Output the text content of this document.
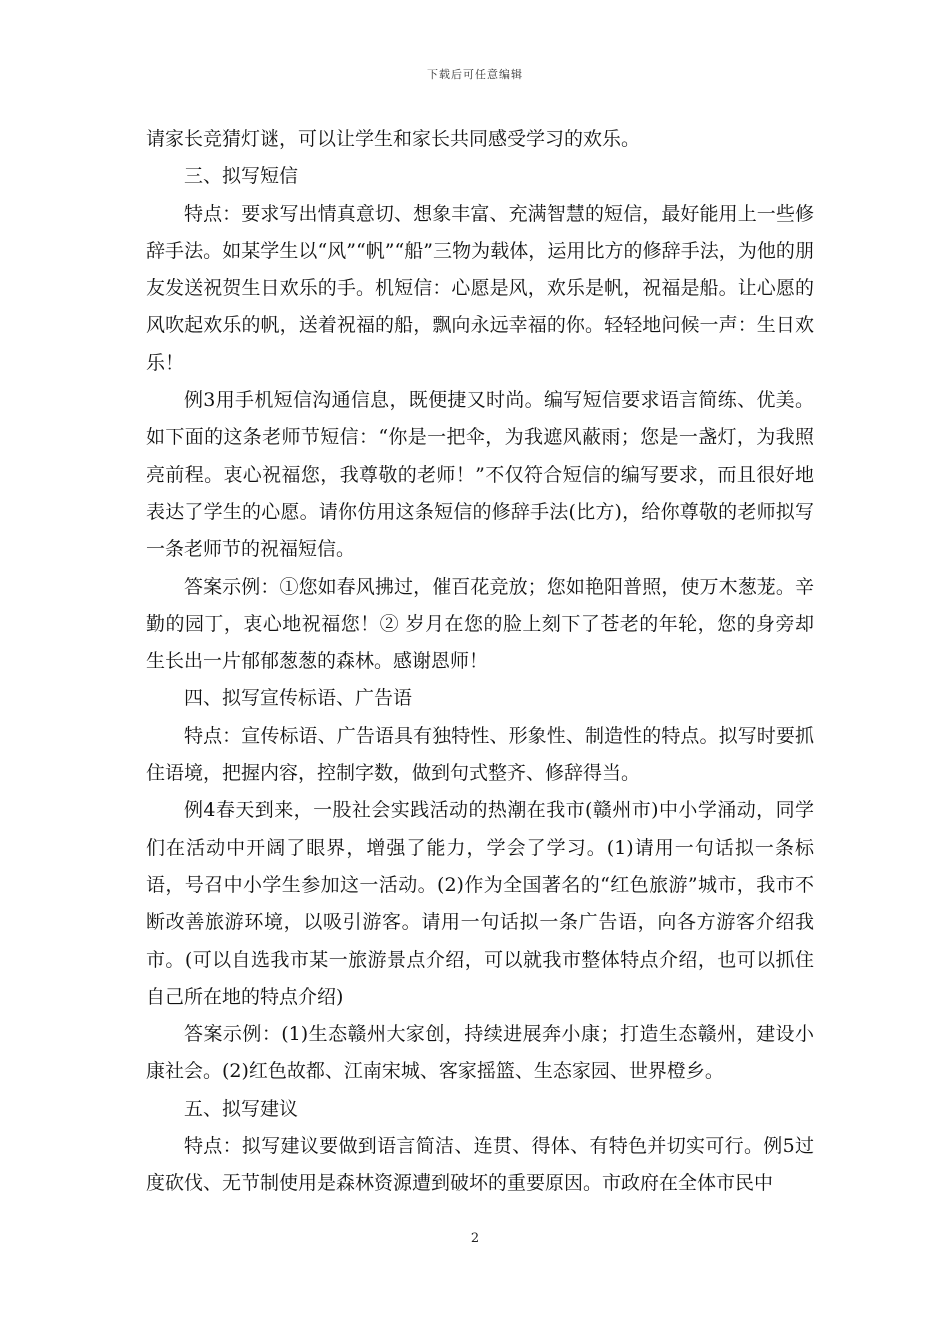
下载后可任意编辑

请家长竞猜灯谜，可以让学生和家长共同感受学习的欢乐。

三、拟写短信

特点：要求写出情真意切、想象丰富、充满智慧的短信，最好能用上一些修辞手法。如某学生以“风”“帆”“船”三物为载体，运用比方的修辞手法，为他的朋友发送祝贺生日欢乐的手。机短信：心愿是风，欢乐是帆，祝福是船。让心愿的风吹起欢乐的帆，送着祝福的船，飘向永远幸福的你。轻轻地问候一声：生日欢乐！

例3用手机短信沟通信息，既便捷又时尚。编写短信要求语言简练、优美。如下面的这条老师节短信：“你是一把伞，为我遮风蔽雨；您是一盏灯，为我照亮前程。衷心祝福您，我尊敬的老师！”不仅符合短信的编写要求，而且很好地表达了学生的心愿。请你仿用这条短信的修辞手法(比方)，给你尊敬的老师拟写一条老师节的祝福短信。

答案示例：①您如春风拂过，催百花竞放；您如艳阳普照，使万木葱茏。辛勤的园丁，衷心地祝福您！② 岁月在您的脸上刻下了苍老的年轮，您的身旁却生长出一片郁郁葱葱的森林。感谢恩师！

四、拟写宣传标语、广告语

特点：宣传标语、广告语具有独特性、形象性、制造性的特点。拟写时要抓住语境，把握内容，控制字数，做到句式整齐、修辞得当。

例4春天到来，一股社会实践活动的热潮在我市(赣州市)中小学涌动，同学们在活动中开阔了眼界，增强了能力，学会了学习。(1)请用一句话拟一条标语，号召中小学生参加这一活动。(2)作为全国著名的“红色旅游”城市，我市不断改善旅游环境，以吸引游客。请用一句话拟一条广告语，向各方游客介绍我市。(可以自选我市某一旅游景点介绍，可以就我市整体特点介绍，也可以抓住自己所在地的特点介绍)

答案示例：(1)生态赣州大家创，持续进展奔小康；打造生态赣州，建设小康社会。(2)红色故都、江南宋城、客家摇篮、生态家园、世界橙乡。

五、拟写建议

特点：拟写建议要做到语言简洁、连贯、得体、有特色并切实可行。例5过度砍伐、无节制使用是森林资源遭到破坏的重要原因。市政府在全体市民中

2
